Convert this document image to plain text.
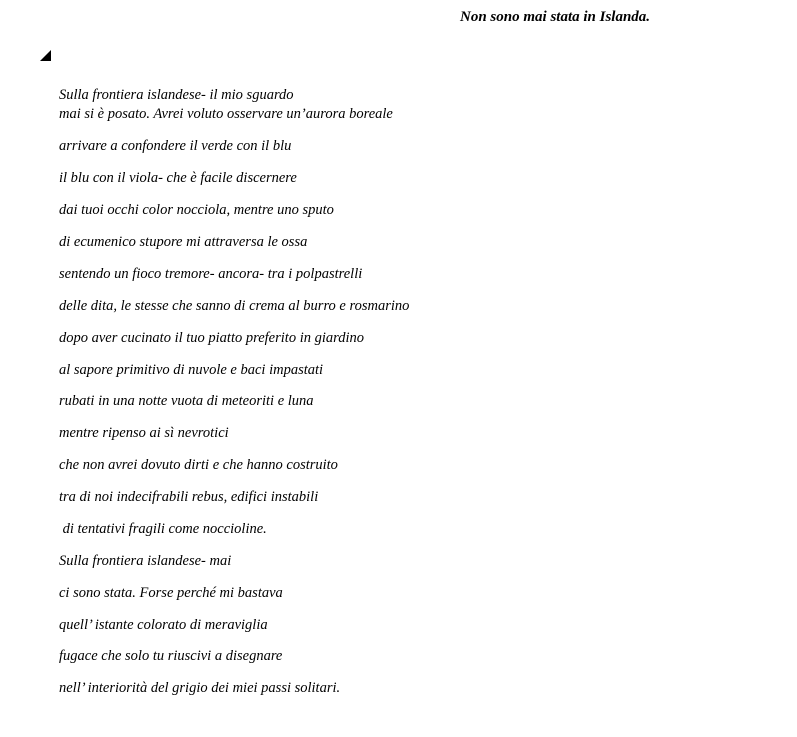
Non sono mai stata in Islanda.
Sulla frontiera islandese- il mio sguardo
mai si è posato. Avrei voluto osservare un’aurora boreale
arrivare a confondere il verde con il blu
il blu con il viola- che è facile discernere
dai tuoi occhi color nocciola, mentre uno sputo
di ecumenico stupore mi attraversa le ossa
sentendo un fioco tremore- ancora- tra i polpastrelli
delle dita, le stesse che sanno di crema al burro e rosmarino
dopo aver cucinato il tuo piatto preferito in giardino
al sapore primitivo di nuvole e baci impastati
rubati in una notte vuota di meteoriti e luna
mentre ripenso ai sì nevrotici
che non avrei dovuto dirti e che hanno costruito
tra di noi indecifrabili rebus, edifici instabili
di tentativi fragili come noccioline.
Sulla frontiera islandese- mai
ci sono stata. Forse perché mi bastava
quell’ istante colorato di meraviglia
fugace che solo tu riuscivi a disegnare
nell’ interiorità del grigio dei miei passi solitari.
